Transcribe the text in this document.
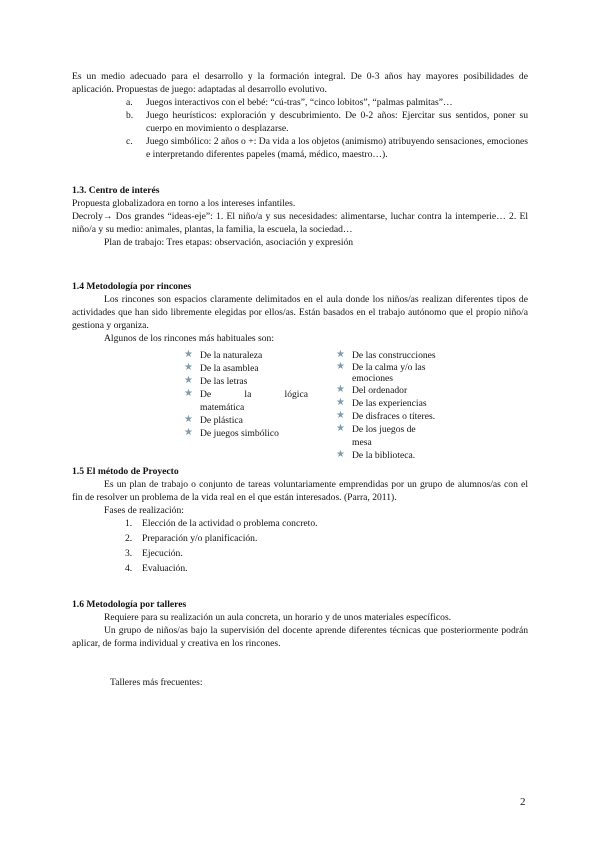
Es un medio adecuado para el desarrollo y la formación integral. De 0-3 años hay mayores posibilidades de aplicación. Propuestas de juego: adaptadas al desarrollo evolutivo.

a. Juegos interactivos con el bebé: “cú-tras”, “cinco lobitos”, “palmas palmitas”…
b. Juego heurísticos: exploración y descubrimiento. De 0-2 años: Ejercitar sus sentidos, poner su cuerpo en movimiento o desplazarse.
c. Juego simbólico: 2 años o +: Da vida a los objetos (animismo) atribuyendo sensaciones, emociones e interpretando diferentes papeles (mamá, médico, maestro…).

1.3. Centro de interés

Propuesta globalizadora en torno a los intereses infantiles.

Decroly→ Dos grandes “ideas-eje”: 1. El niño/a y sus necesidades: alimentarse, luchar contra la intemperie… 2. El niño/a y su medio: animales, plantas, la familia, la escuela, la sociedad…

Plan de trabajo: Tres etapas: observación, asociación y expresión

1.4 Metodología por rincones

Los rincones son espacios claramente delimitados en el aula donde los niños/as realizan diferentes tipos de actividades que han sido libremente elegidas por ellos/as. Están basados en el trabajo autónomo que el propio niño/a gestiona y organiza.

Algunos de los rincones más habituales son:

★ De la naturaleza
★ De la asamblea
★ De las letras
★ De la lógica matemática
★ De plástica
★ De juegos simbólico
★ De las construcciones
★ De la calma y/o las emociones
★ Del ordenador
★ De las experiencias
★ De disfraces o títeres.
★ De los juegos de mesa
★ De la biblioteca.

1.5 El método de Proyecto

Es un plan de trabajo o conjunto de tareas voluntariamente emprendidas por un grupo de alumnos/as con el fin de resolver un problema de la vida real en el que están interesados. (Parra, 2011).

Fases de realización:

1. Elección de la actividad o problema concreto.
2. Preparación y/o planificación.
3. Ejecución.
4. Evaluación.

1.6 Metodología por talleres

Requiere para su realización un aula concreta, un horario y de unos materiales específicos.

Un grupo de niños/as bajo la supervisión del docente aprende diferentes técnicas que posteriormente podrán aplicar, de forma individual y creativa en los rincones.

Talleres más frecuentes:

2
